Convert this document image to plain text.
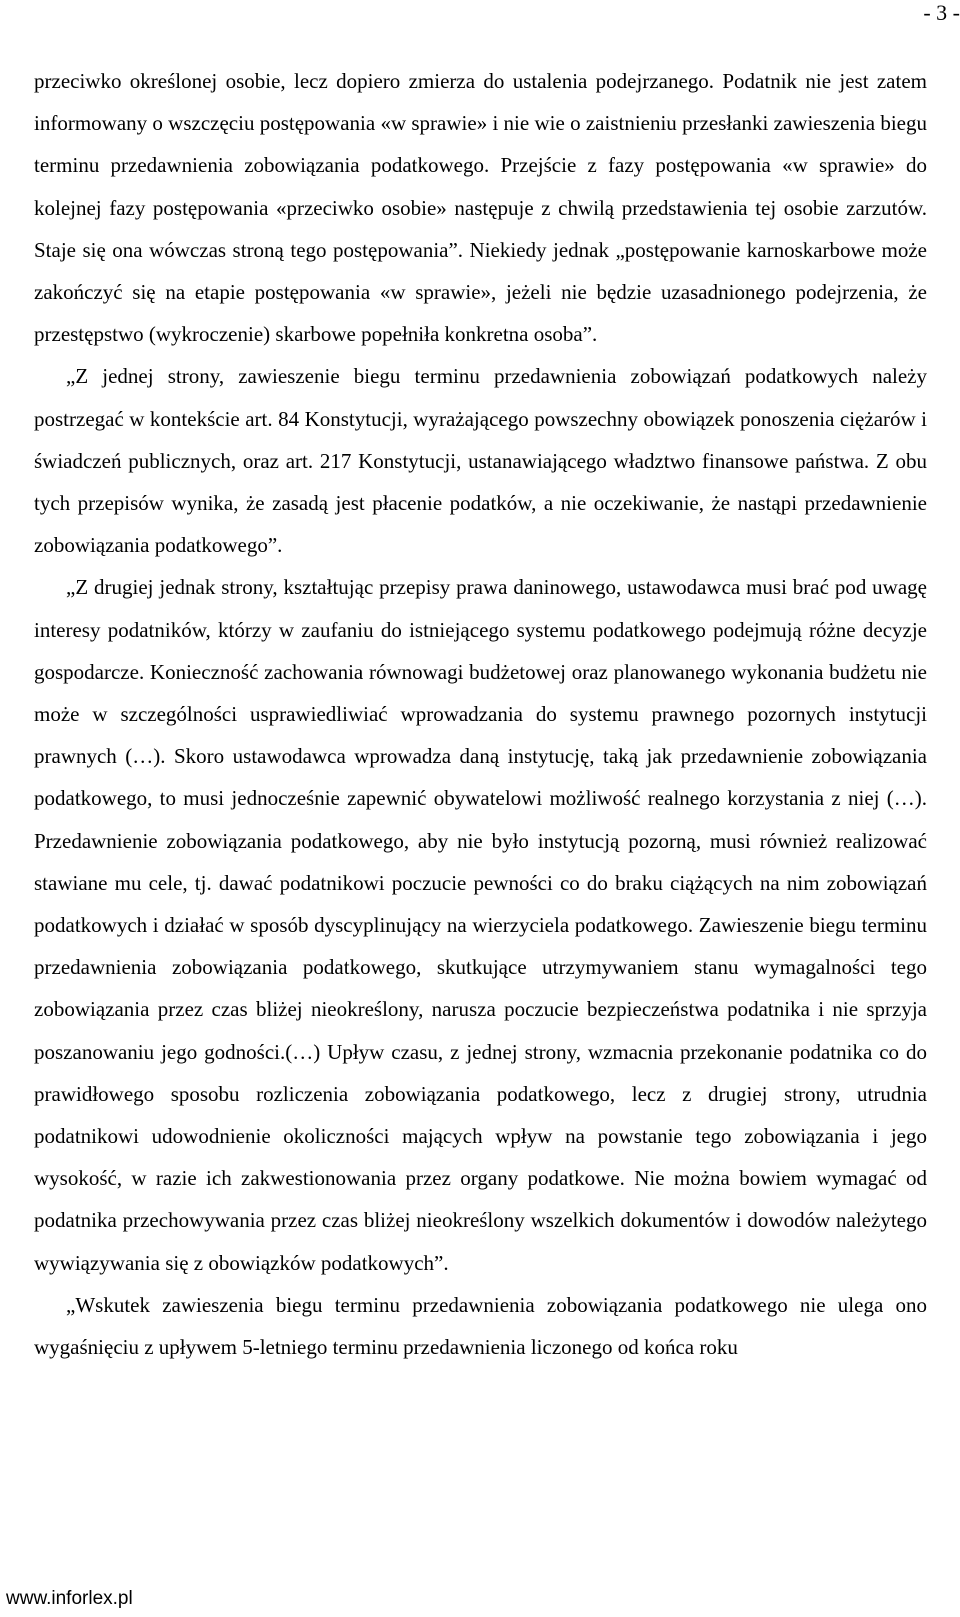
- 3 -

przeciwko określonej osobie, lecz dopiero zmierza do ustalenia podejrzanego. Podatnik nie jest zatem informowany o wszczęciu postępowania «w sprawie» i nie wie o zaistnieniu przesłanki zawieszenia biegu terminu przedawnienia zobowiązania podatkowego. Przejście z fazy postępowania «w sprawie» do kolejnej fazy postępowania «przeciwko osobie» następuje z chwilą przedstawienia tej osobie zarzutów. Staje się ona wówczas stroną tego postępowania”. Niekiedy jednak „postępowanie karnoskarbowe może zakończyć się na etapie postępowania «w sprawie», jeżeli nie będzie uzasadnionego podejrzenia, że przestępstwo (wykroczenie) skarbowe popełniła konkretna osoba”.

„Z jednej strony, zawieszenie biegu terminu przedawnienia zobowiązań podatkowych należy postrzegać w kontekście art. 84 Konstytucji, wyrażającego powszechny obowiązek ponoszenia ciężarów i świadczeń publicznych, oraz art. 217 Konstytucji, ustanawiającego władztwo finansowe państwa. Z obu tych przepisów wynika, że zasadą jest płacenie podatków, a nie oczekiwanie, że nastąpi przedawnienie zobowiązania podatkowego”.

„Z drugiej jednak strony, kształtując przepisy prawa daninowego, ustawodawca musi brać pod uwagę interesy podatników, którzy w zaufaniu do istniejącego systemu podatkowego podejmują różne decyzje gospodarcze. Konieczność zachowania równowagi budżetowej oraz planowanego wykonania budżetu nie może w szczególności usprawiedliwiać wprowadzania do systemu prawnego pozornych instytucji prawnych (…). Skoro ustawodawca wprowadza daną instytucję, taką jak przedawnienie zobowiązania podatkowego, to musi jednocześnie zapewnić obywatelowi możliwość realnego korzystania z niej (…). Przedawnienie zobowiązania podatkowego, aby nie było instytucją pozorną, musi również realizować stawiane mu cele, tj. dawać podatnikowi poczucie pewności co do braku ciążących na nim zobowiązań podatkowych i działać w sposób dyscyplinujący na wierzyciela podatkowego. Zawieszenie biegu terminu przedawnienia zobowiązania podatkowego, skutkujące utrzymywaniem stanu wymagalności tego zobowiązania przez czas bliżej nieokreślony, narusza poczucie bezpieczeństwa podatnika i nie sprzyja poszanowaniu jego godności.(…) Upływ czasu, z jednej strony, wzmacnia przekonanie podatnika co do prawidłowego sposobu rozliczenia zobowiązania podatkowego, lecz z drugiej strony, utrudnia podatnikowi udowodnienie okoliczności mających wpływ na powstanie tego zobowiązania i jego wysokość, w razie ich zakwestionowania przez organy podatkowe. Nie można bowiem wymagać od podatnika przechowywania przez czas bliżej nieokreślony wszelkich dokumentów i dowodów należytego wywiązywania się z obowiązków podatkowych”.

„Wskutek zawieszenia biegu terminu przedawnienia zobowiązania podatkowego nie ulega ono wygaśnięciu z upływem 5-letniego terminu przedawnienia liczonego od końca roku

www.inforlex.pl
